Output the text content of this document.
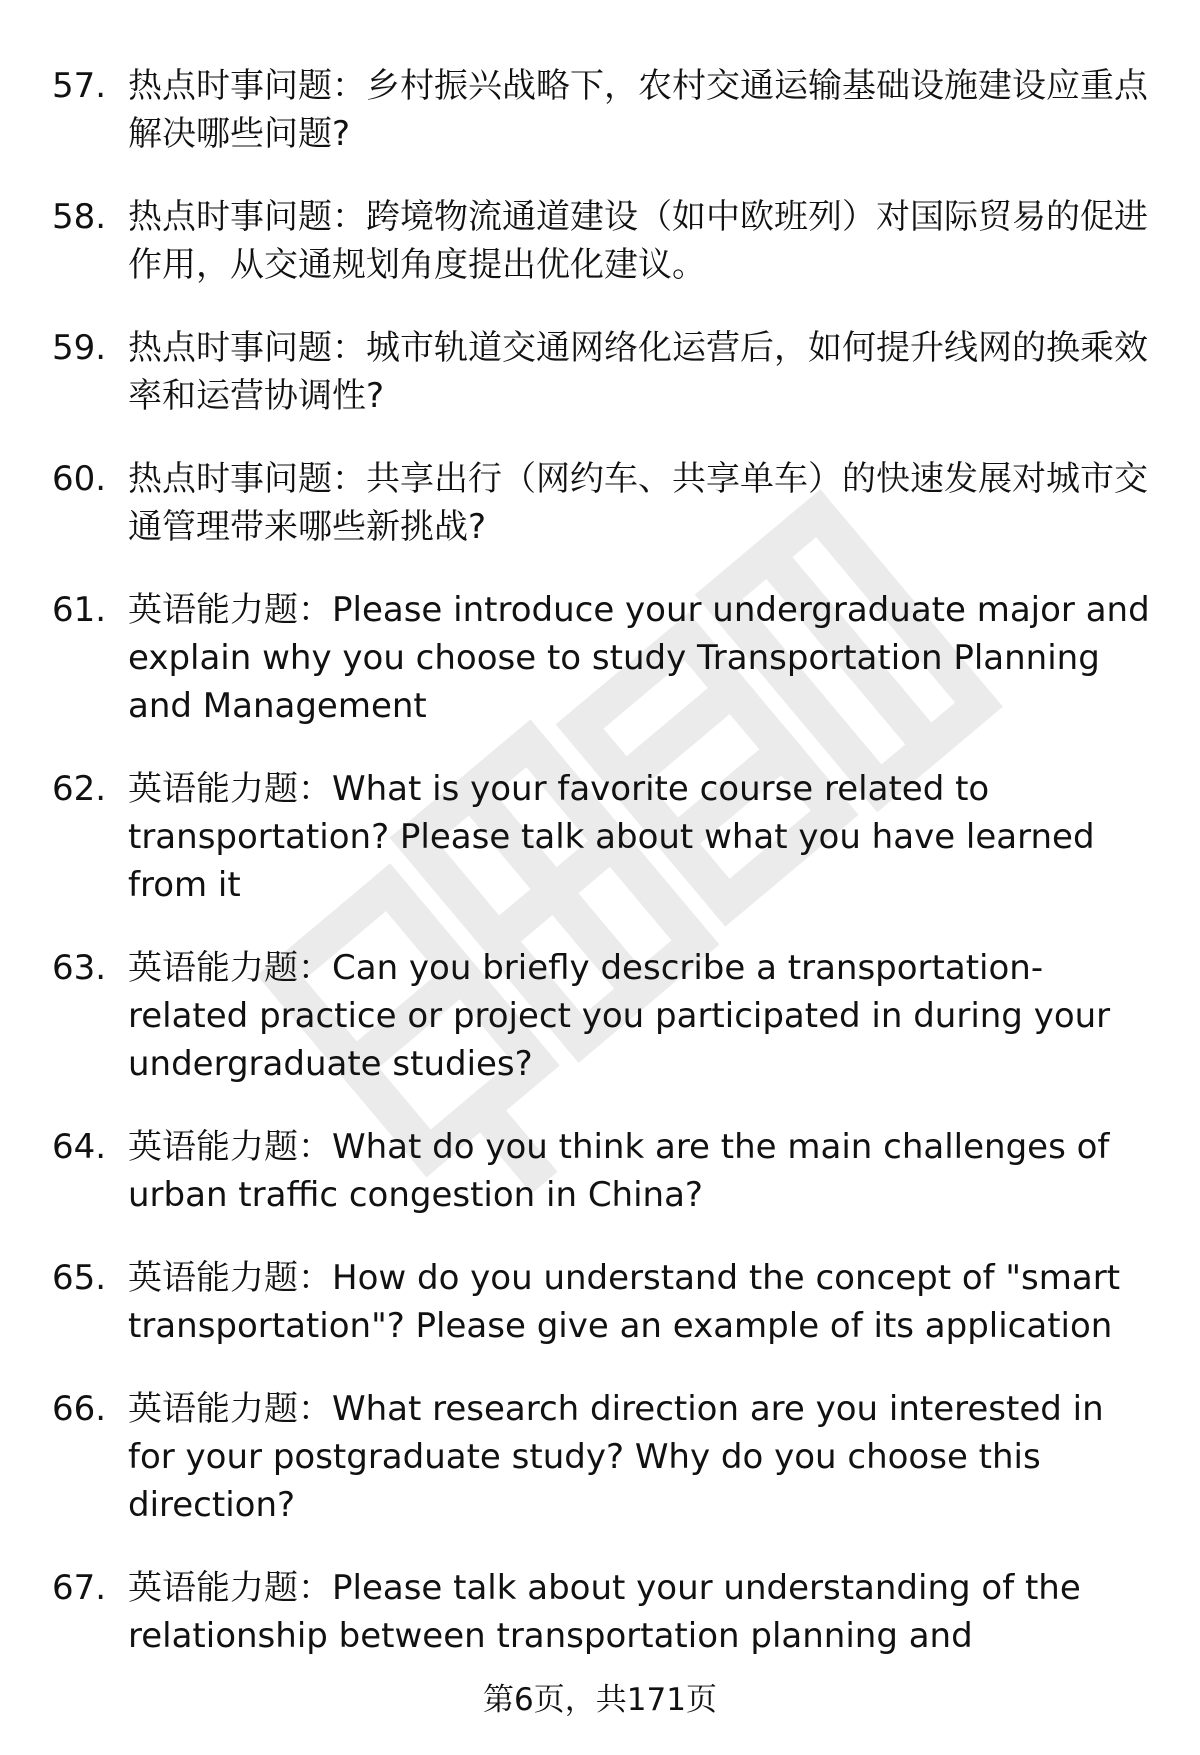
57. 热点时事问题：乡村振兴战略下，农村交通运输基础设施建设应重点解决哪些问题?
58. 热点时事问题：跨境物流通道建设（如中欧班列）对国际贸易的促进作用，从交通规划角度提出优化建议。
59. 热点时事问题：城市轨道交通网络化运营后，如何提升线网的换乘效率和运营协调性?
60. 热点时事问题：共享出行（网约车、共享单车）的快速发展对城市交通管理带来哪些新挑战?
61. 英语能力题：Please introduce your undergraduate major and explain why you choose to study Transportation Planning and Management
62. 英语能力题：What is your favorite course related to transportation? Please talk about what you have learned from it
63. 英语能力题：Can you briefly describe a transportation-related practice or project you participated in during your undergraduate studies?
64. 英语能力题：What do you think are the main challenges of urban traffic congestion in China?
65. 英语能力题：How do you understand the concept of "smart transportation"? Please give an example of its application
66. 英语能力题：What research direction are you interested in for your postgraduate study? Why do you choose this direction?
67. 英语能力题：Please talk about your understanding of the relationship between transportation planning and
第6页，共171页
